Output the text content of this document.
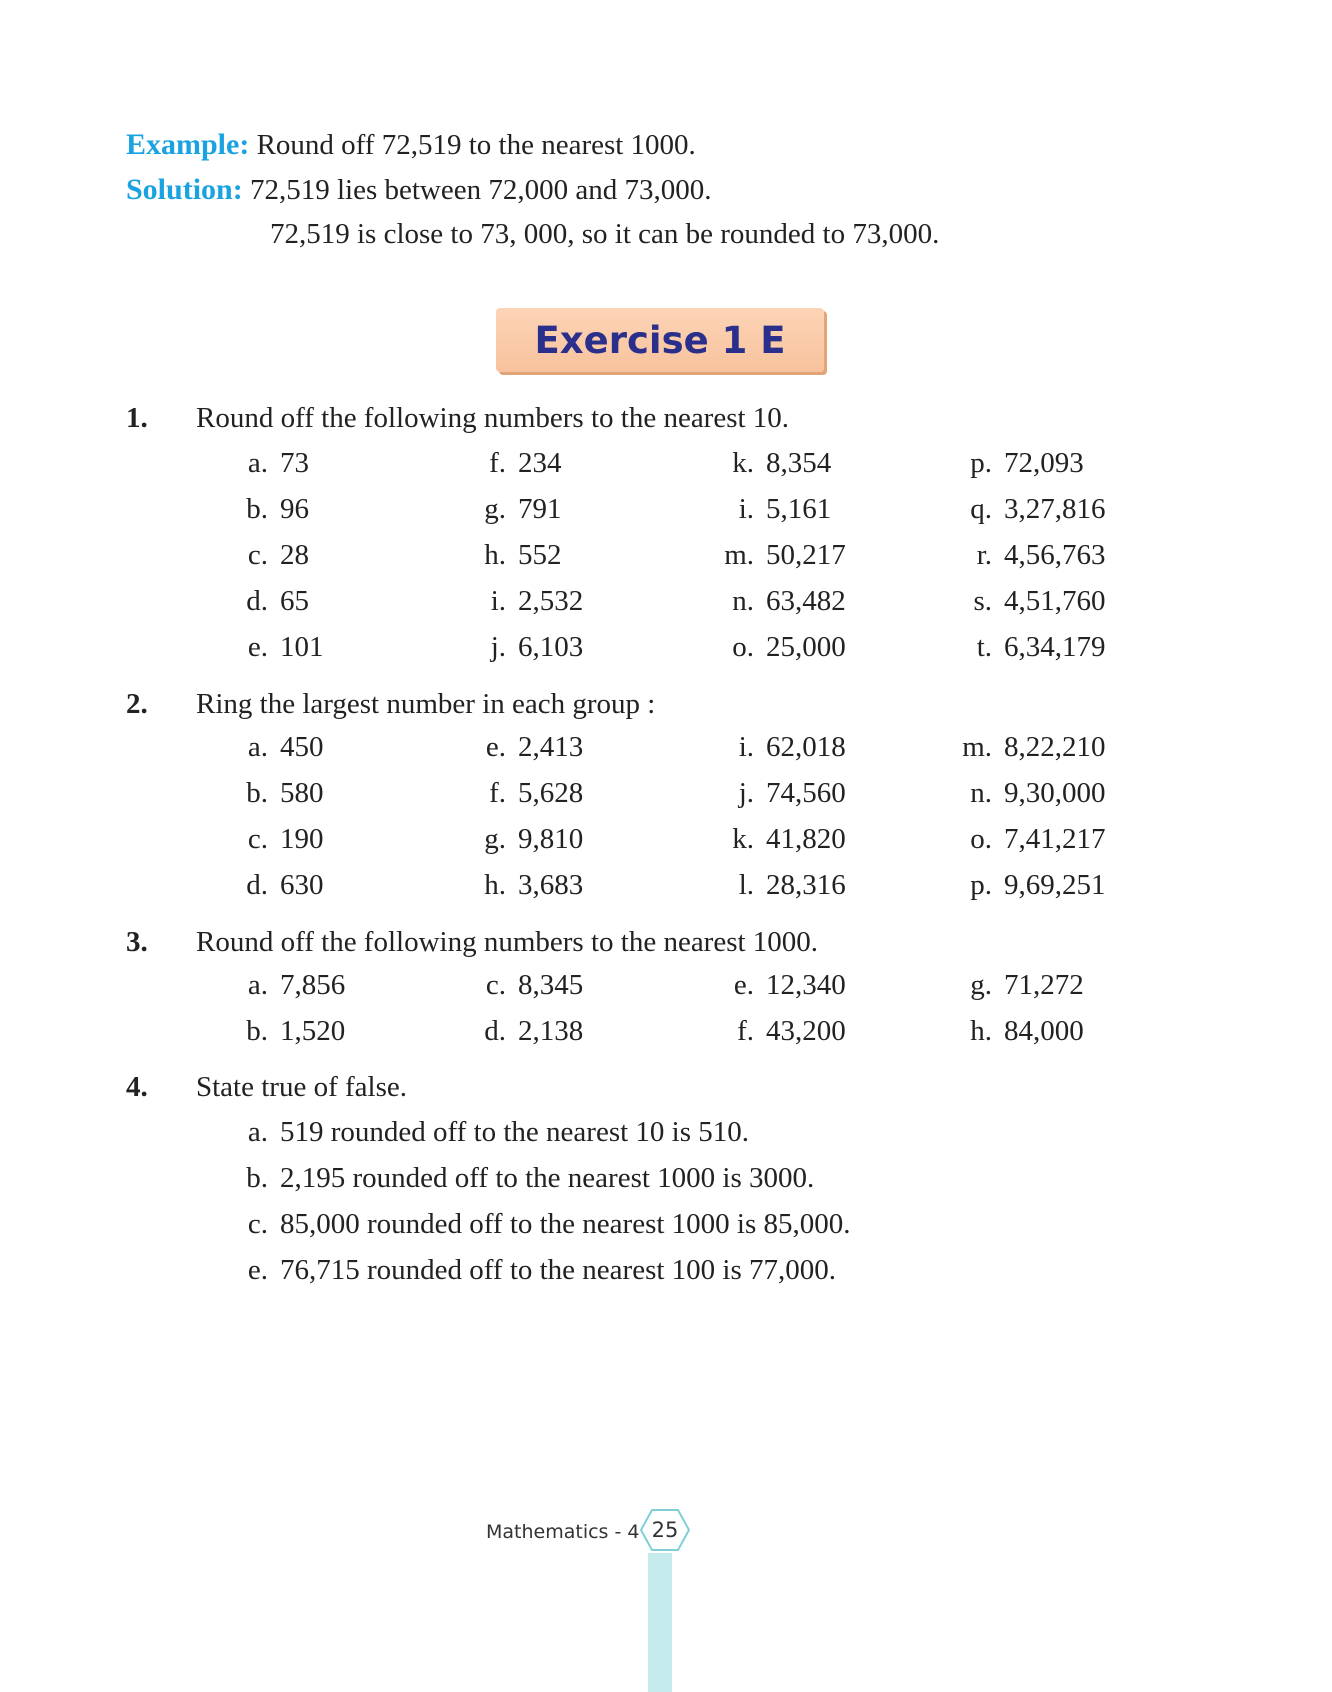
Example: Round off 72,519 to the nearest 1000.
Solution: 72,519 lies between 72,000 and 73,000.
72,519 is close to 73, 000, so it can be rounded to 73,000.
Exercise 1 E
1. Round off the following numbers to the nearest 10.
2. Ring the largest number in each group :
3. Round off the following numbers to the nearest 1000.
4. State true of false.
a. 73
b. 96
c. 28
d. 65
e. 101
f. 234
g. 791
h. 552
i. 2,532
j. 6,103
k. 8,354
i. 5,161
m. 50,217
n. 63,482
o. 25,000
p. 72,093
q. 3,27,816
r. 4,56,763
s. 4,51,760
t. 6,34,179
a. 450
b. 580
c. 190
d. 630
e. 2,413
f. 5,628
g. 9,810
h. 3,683
i. 62,018
j. 74,560
k. 41,820
l. 28,316
m. 8,22,210
n. 9,30,000
o. 7,41,217
p. 9,69,251
a. 7,856
b. 1,520
c. 8,345
d. 2,138
e. 12,340
f. 43,200
g. 71,272
h. 84,000
a. 519 rounded off to the nearest 10 is 510.
b. 2,195 rounded off to the nearest 1000 is 3000.
c. 85,000 rounded off to the nearest 1000 is 85,000.
e. 76,715 rounded off to the nearest 100 is 77,000.
Mathematics - 4 25
